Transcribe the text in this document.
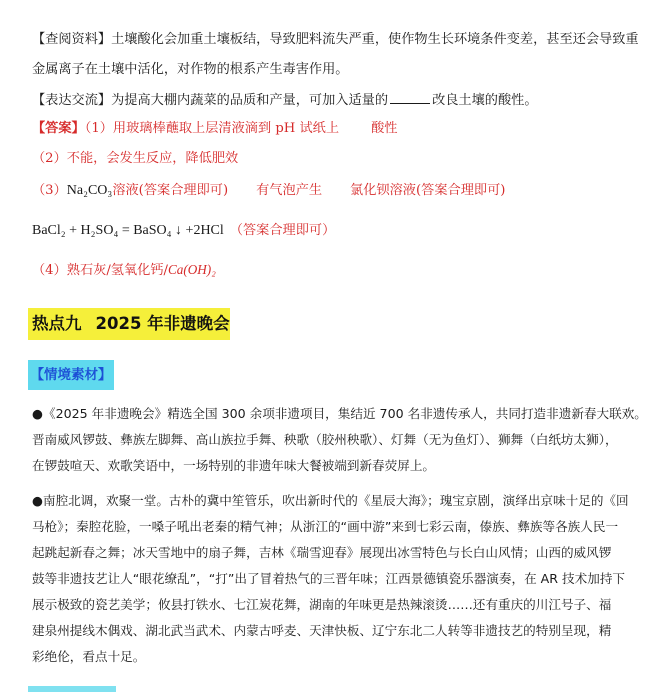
【查阅资料】土壤酸化会加重土壤板结，导致肥料流失严重，使作物生长环境条件变差，甚至还会导致重
金属离子在土壤中活化，对作物的根系产生毒害作用。
【表达交流】为提高大棚内蔬菜的品质和产量，可加入适量的	改良土壤的酸性。
【答案】（1）用玻璃棒蘸取上层清液滴到 pH 试纸上 酸性
（2）不能，会发生反应，降低肥效
（3）Na₂CO₃溶液(答案合理即可) 有气泡产生 氯化钡溶液(答案合理即可)
BaCl₂ + H₂SO₄ = BaSO₄ ↓ +2HCl （答案合理即可）
（4）熟石灰/氢氧化钙/Ca(OH)₂
热点九 2025 年非遗晚会
【情境素材】
●《2025 年非遗晚会》精选全国 300 余项非遗项目，集结近 700 名非遗传承人，共同打造非遗新春大联欢。
晋南威风锣鼓、彝族左脚舞、高山族拉手舞、秧歌（胶州秧歌）、灯舞（无为鱼灯）、狮舞（白纸坊太狮），
在锣鼓喧天、欢歌笑语中，一场特别的非遗年味大餐被端到新春荧屏上。
●南腔北调，欢聚一堂。古朴的冀中笙管乐，吹出新时代的《星辰大海》；瑰宝京剧，演绎出京味十足的《回
马枪》；秦腔花脸，一嗓子吼出老秦的精气神；从浙江的“画中游”来到七彩云南，傣族、彝族等各族人民一
起跳起新春之舞；冰天雪地中的扇子舞，吉林《瑞雪迎春》展现出冰雪特色与长白山风情；山西的威风锣
鼓等非遗技艺让人“眼花缭乱”，“打”出了冒着热气的三晋年味；江西景德镇瓷乐器演奏，在 AR 技术加持下
展示极致的瓷艺美学；攸县打铁水、七江炭花舞，湖南的年味更是热辣滚烫……还有重庆的川江号子、福
建泉州提线木偶戏、湖北武当武术、内蒙古呼麦、天津快板、辽宁东北二人转等非遗技艺的特别呈现，精
彩绝伦，看点十足。
